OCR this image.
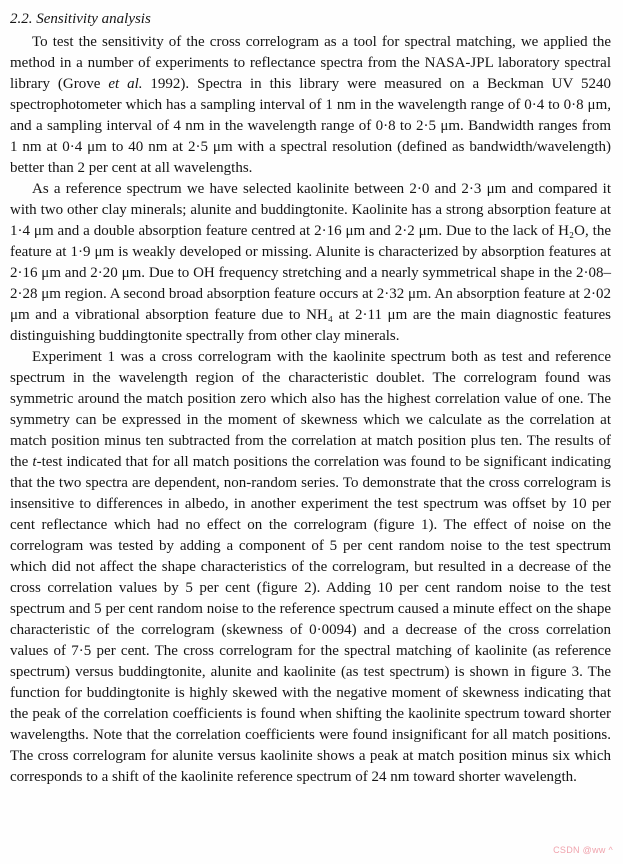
2.2. Sensitivity analysis

To test the sensitivity of the cross correlogram as a tool for spectral matching, we applied the method in a number of experiments to reflectance spectra from the NASA-JPL laboratory spectral library (Grove et al. 1992). Spectra in this library were measured on a Beckman UV 5240 spectrophotometer which has a sampling interval of 1 nm in the wavelength range of 0·4 to 0·8 μm, and a sampling interval of 4 nm in the wavelength range of 0·8 to 2·5 μm. Bandwidth ranges from 1 nm at 0·4 μm to 40 nm at 2·5 μm with a spectral resolution (defined as bandwidth/wavelength) better than 2 per cent at all wavelengths.

As a reference spectrum we have selected kaolinite between 2·0 and 2·3 μm and compared it with two other clay minerals; alunite and buddingtonite. Kaolinite has a strong absorption feature at 1·4 μm and a double absorption feature centred at 2·16 μm and 2·2 μm. Due to the lack of H₂O, the feature at 1·9 μm is weakly developed or missing. Alunite is characterized by absorption features at 2·16 μm and 2·20 μm. Due to OH frequency stretching and a nearly symmetrical shape in the 2·08–2·28 μm region. A second broad absorption feature occurs at 2·32 μm. An absorption feature at 2·02 μm and a vibrational absorption feature due to NH₄ at 2·11 μm are the main diagnostic features distinguishing buddingtonite spectrally from other clay minerals.

Experiment 1 was a cross correlogram with the kaolinite spectrum both as test and reference spectrum in the wavelength region of the characteristic doublet. The correlogram found was symmetric around the match position zero which also has the highest correlation value of one. The symmetry can be expressed in the moment of skewness which we calculate as the correlation at match position minus ten subtracted from the correlation at match position plus ten. The results of the t-test indicated that for all match positions the correlation was found to be significant indicating that the two spectra are dependent, non-random series. To demonstrate that the cross correlogram is insensitive to differences in albedo, in another experiment the test spectrum was offset by 10 per cent reflectance which had no effect on the correlogram (figure 1). The effect of noise on the correlogram was tested by adding a component of 5 per cent random noise to the test spectrum which did not affect the shape characteristics of the correlogram, but resulted in a decrease of the cross correlation values by 5 per cent (figure 2). Adding 10 per cent random noise to the test spectrum and 5 per cent random noise to the reference spectrum caused a minute effect on the shape characteristic of the correlogram (skewness of 0·0094) and a decrease of the cross correlation values of 7·5 per cent. The cross correlogram for the spectral matching of kaolinite (as reference spectrum) versus buddingtonite, alunite and kaolinite (as test spectrum) is shown in figure 3. The function for buddingtonite is highly skewed with the negative moment of skewness indicating that the peak of the correlation coefficients is found when shifting the kaolinite spectrum toward shorter wavelengths. Note that the correlation coefficients were found insignificant for all match positions. The cross correlogram for alunite versus kaolinite shows a peak at match position minus six which corresponds to a shift of the kaolinite reference spectrum of 24 nm toward shorter wavelength.

CSDN @ww ^
